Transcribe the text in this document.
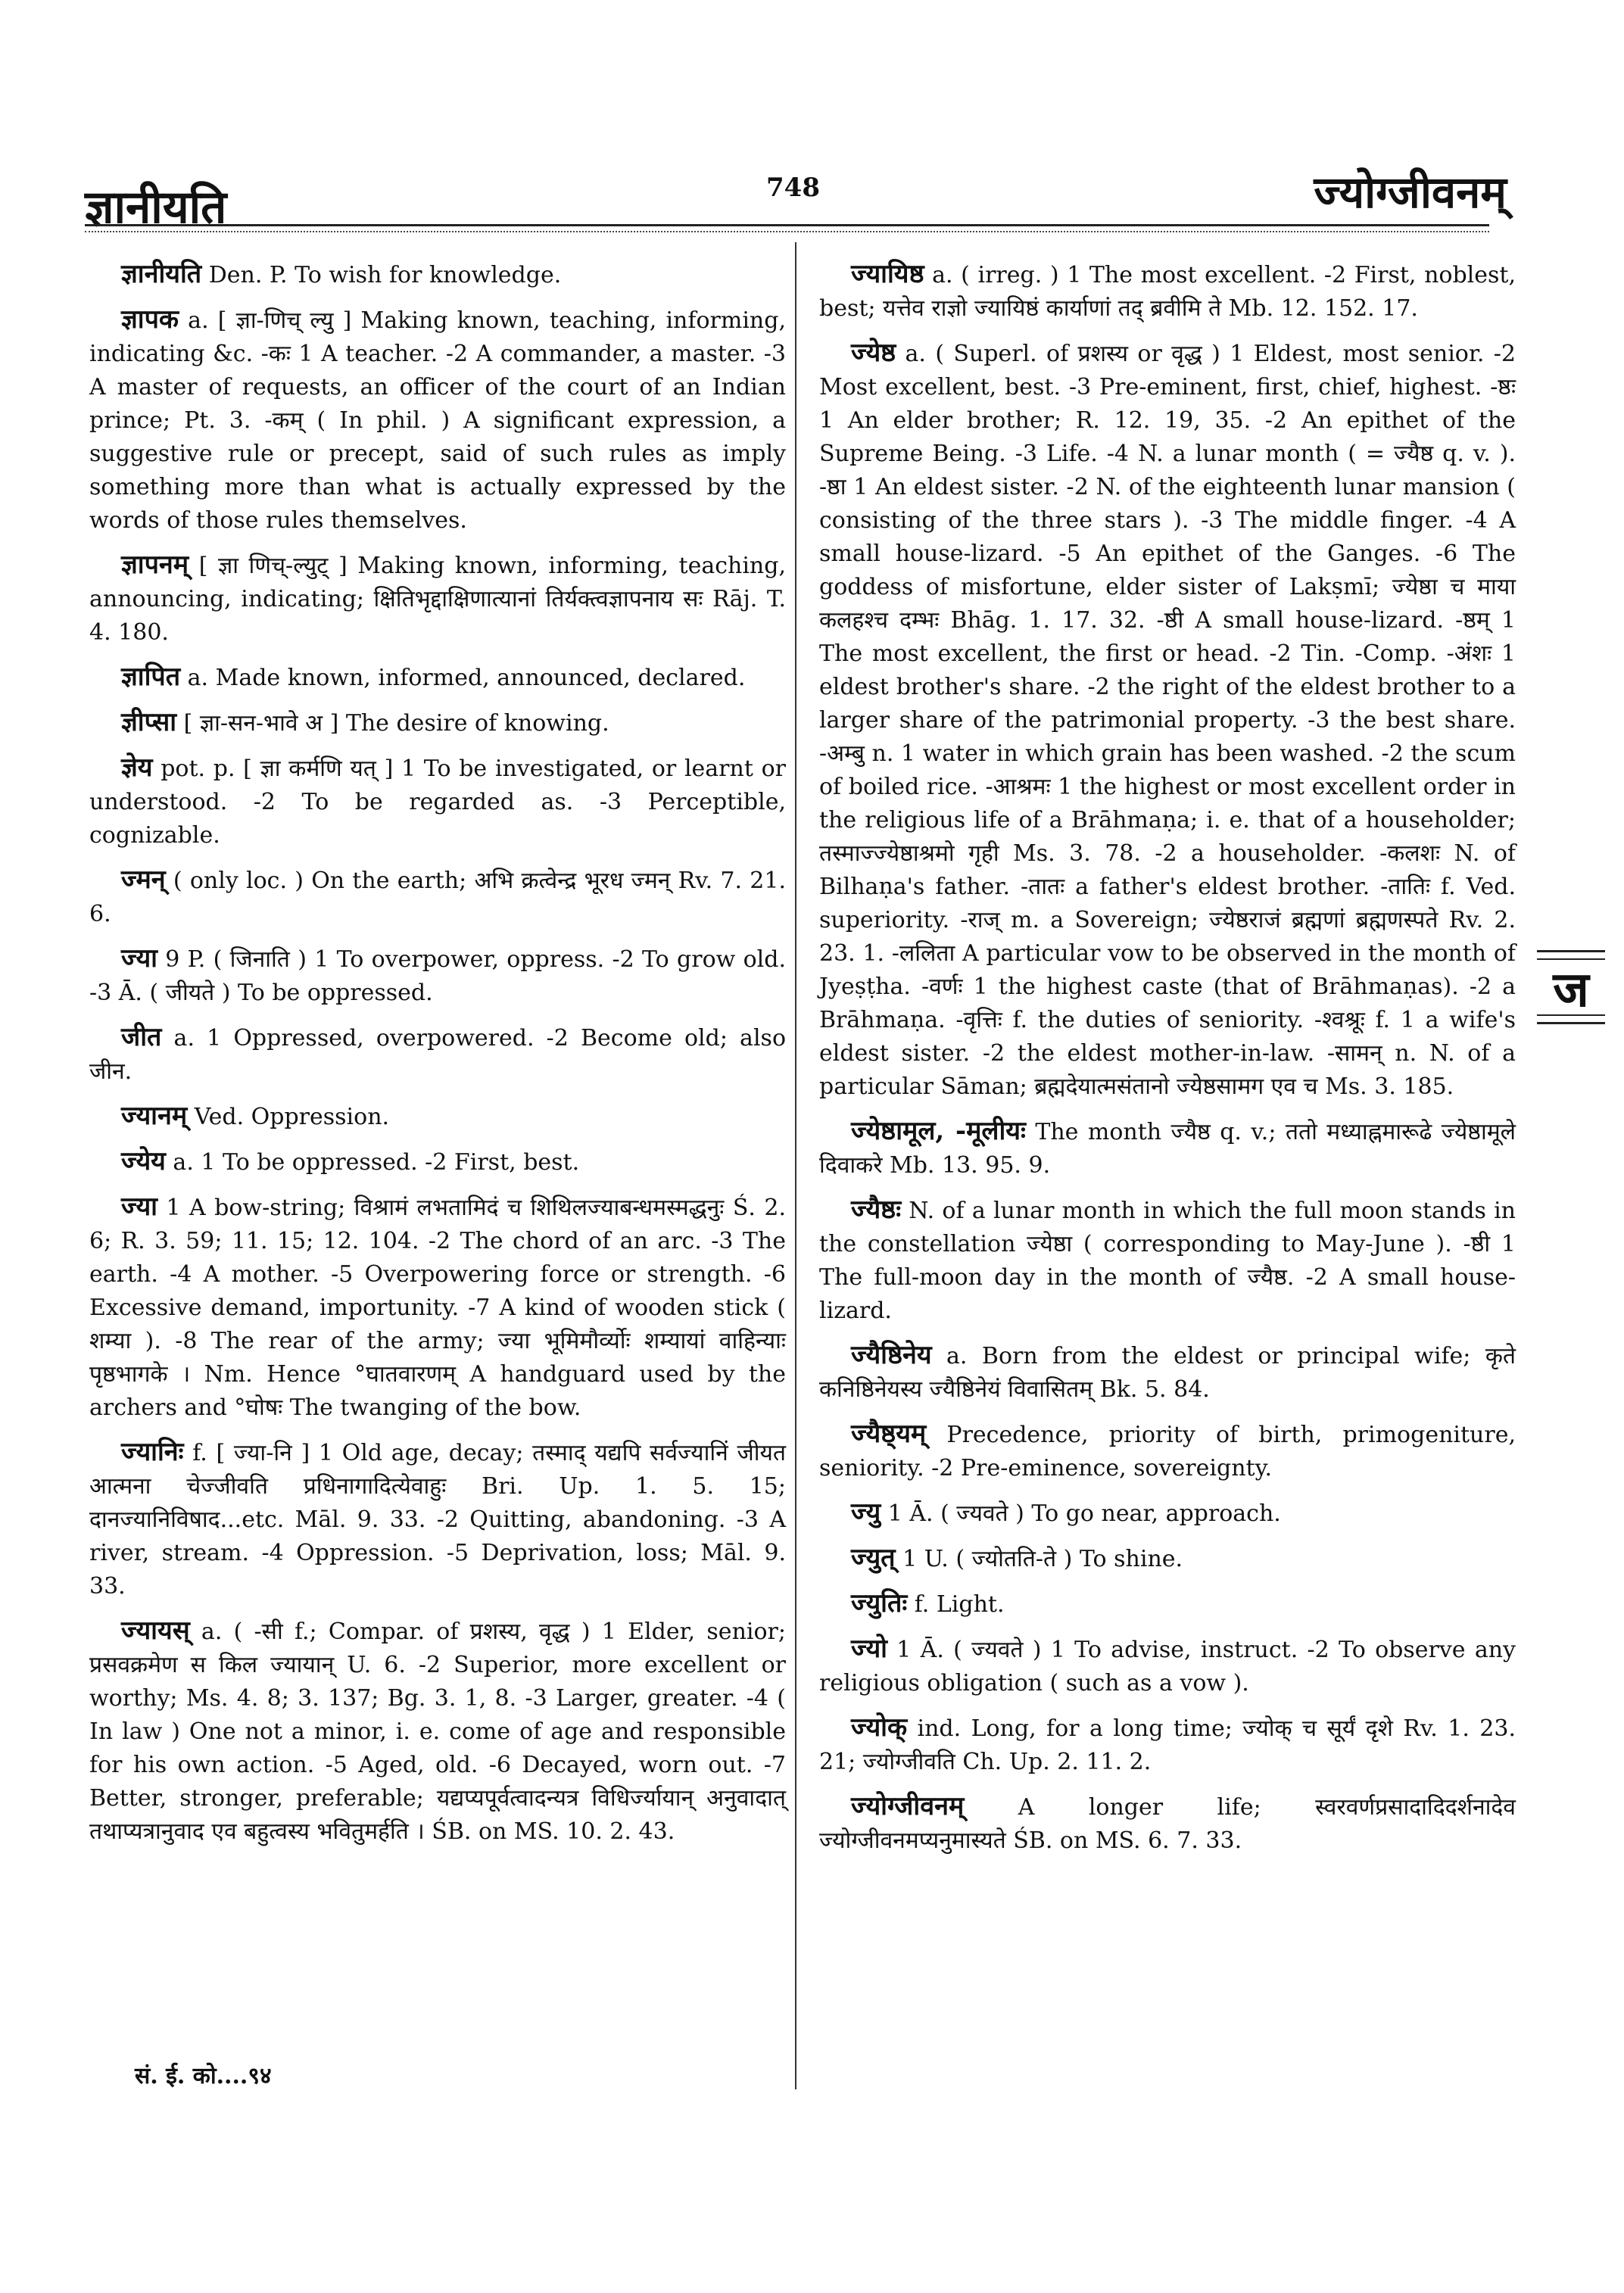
ज्ञानीयति	748	ज्योग्जीवनम्

ज्ञानीयति Den. P. To wish for knowledge.

ज्ञापक a. [ ज्ञा-णिच् ल्यु ] Making known, teaching, informing, indicating &c. -कः 1 A teacher. -2 A commander, a master. -3 A master of requests, an officer of the court of an Indian prince; Pt. 3. -कम् ( In phil. ) A significant expression, a suggestive rule or precept, said of such rules as imply something more than what is actually expressed by the words of those rules themselves.

ज्ञापनम् [ ज्ञा णिच्-ल्युट् ] Making known, informing, teaching, announcing, indicating; क्षितिभृद्दाक्षिणात्यानां तिर्यक्त्वज्ञापनाय सः Rāj. T. 4. 180.

ज्ञापित a. Made known, informed, announced, declared.

ज्ञीप्सा [ ज्ञा-सन-भावे अ ] The desire of knowing.

ज्ञेय pot. p. [ ज्ञा कर्मणि यत् ] 1 To be investigated, or learnt or understood. -2 To be regarded as. -3 Perceptible, cognizable.

ज्मन् ( only loc. ) On the earth; अभि क्रत्वेन्द्र भूरध ज्मन् Rv. 7. 21. 6.

ज्या 9 P. ( जिनाति ) 1 To overpower, oppress. -2 To grow old. -3 Ā. ( जीयते ) To be oppressed.

जीत a. 1 Oppressed, overpowered. -2 Become old; also जीन.

ज्यानम् Ved. Oppression.

ज्येय a. 1 To be oppressed. -2 First, best.

ज्या 1 A bow-string; विश्रामं लभतामिदं च शिथिलज्याबन्धमस्मद्धनुः Ś. 2. 6; R. 3. 59; 11. 15; 12. 104. -2 The chord of an arc. -3 The earth. -4 A mother. -5 Overpowering force or strength. -6 Excessive demand, importunity. -7 A kind of wooden stick ( शम्या ). -8 The rear of the army; ज्या भूमिमौर्व्योः शम्यायां वाहिन्याः पृष्ठभागके । Nm. Hence °घातवारणम् A handguard used by the archers and °घोषः The twanging of the bow.

ज्यानिः f. [ ज्या-नि ] 1 Old age, decay; तस्माद् यद्यपि सर्वज्यानिं जीयत आत्मना चेज्जीवति प्रधिनागादित्येवाहुः Bri. Up. 1. 5. 15; दानज्यानिविषाद...etc. Māl. 9. 33. -2 Quitting, abandoning. -3 A river, stream. -4 Oppression. -5 Deprivation, loss; Māl. 9. 33.

ज्यायस् a. ( -सी f.; Compar. of प्रशस्य, वृद्ध ) 1 Elder, senior; प्रसवक्रमेण स किल ज्यायान् U. 6. -2 Superior, more excellent or worthy; Ms. 4. 8; 3. 137; Bg. 3. 1, 8. -3 Larger, greater. -4 ( In law ) One not a minor, i. e. come of age and responsible for his own action. -5 Aged, old. -6 Decayed, worn out. -7 Better, stronger, preferable; यद्यप्यपूर्वत्वादन्यत्र विधिर्ज्यायान् अनुवादात् तथाप्यत्रानुवाद एव बहुत्वस्य भवितुमर्हति । ŚB. on MS. 10. 2. 43.

ज्यायिष्ठ a. ( irreg. ) 1 The most excellent. -2 First, noblest, best; यत्तेव राज्ञो ज्यायिष्ठं कार्याणां तद् ब्रवीमि ते Mb. 12. 152. 17.

ज्येष्ठ a. ( Superl. of प्रशस्य or वृद्ध ) 1 Eldest, most senior. -2 Most excellent, best. -3 Pre-eminent, first, chief, highest. -ष्ठः 1 An elder brother; R. 12. 19, 35. -2 An epithet of the Supreme Being. -3 Life. -4 N. a lunar month ( = ज्यैष्ठ q. v. ). -ष्ठा 1 An eldest sister. -2 N. of the eighteenth lunar mansion ( consisting of the three stars ). -3 The middle finger. -4 A small house-lizard. -5 An epithet of the Ganges. -6 The goddess of misfortune, elder sister of Lakṣmī; ज्येष्ठा च माया कलहश्च दम्भः Bhāg. 1. 17. 32. -ष्ठी A small house-lizard. -ष्ठम् 1 The most excellent, the first or head. -2 Tin. -Comp. -अंशः 1 eldest brother's share. -2 the right of the eldest brother to a larger share of the patrimonial property. -3 the best share. -अम्बु n. 1 water in which grain has been washed. -2 the scum of boiled rice. -आश्रमः 1 the highest or most excellent order in the religious life of a Brāhmaṇa; i. e. that of a householder; तस्माज्ज्येष्ठाश्रमो गृही Ms. 3. 78. -2 a householder. -कलशः N. of Bilhaṇa's father. -तातः a father's eldest brother. -तातिः f. Ved. superiority. -राज् m. a Sovereign; ज्येष्ठराजं ब्रह्मणां ब्रह्मणस्पते Rv. 2. 23. 1. -ललिता A particular vow to be observed in the month of Jyeṣṭha. -वर्णः 1 the highest caste (that of Brāhmaṇas). -2 a Brāhmaṇa. -वृत्तिः f. the duties of seniority. -श्वश्रूः f. 1 a wife's eldest sister. -2 the eldest mother-in-law. -सामन् n. N. of a particular Sāman; ब्रह्मदेयात्मसंतानो ज्येष्ठसामग एव च Ms. 3. 185.

ज्येष्ठामूल, -मूलीयः The month ज्यैष्ठ q. v.; ततो मध्याह्नमारूढे ज्येष्ठामूले दिवाकरे Mb. 13. 95. 9.

ज्यैष्ठः N. of a lunar month in which the full moon stands in the constellation ज्येष्ठा ( corresponding to May-June ). -ष्ठी 1 The full-moon day in the month of ज्यैष्ठ. -2 A small house-lizard.

ज्यैष्ठिनेय a. Born from the eldest or principal wife; कृते कनिष्ठिनेयस्य ज्यैष्ठिनेयं विवासितम् Bk. 5. 84.

ज्यैष्ठ्यम् Precedence, priority of birth, primogeniture, seniority. -2 Pre-eminence, sovereignty.

ज्यु 1 Ā. ( ज्यवते ) To go near, approach.

ज्युत् 1 U. ( ज्योतति-ते ) To shine.

ज्युतिः f. Light.

ज्यो 1 Ā. ( ज्यवते ) 1 To advise, instruct. -2 To observe any religious obligation ( such as a vow ).

ज्योक् ind. Long, for a long time; ज्योक् च सूर्यं दृशे Rv. 1. 23. 21; ज्योग्जीवति Ch. Up. 2. 11. 2.

ज्योग्जीवनम् A longer life; स्वरवर्णप्रसादादिदर्शनादेव ज्योग्जीवनमप्यनुमास्यते ŚB. on MS. 6. 7. 33.

ज
सं. ई. को....९४
